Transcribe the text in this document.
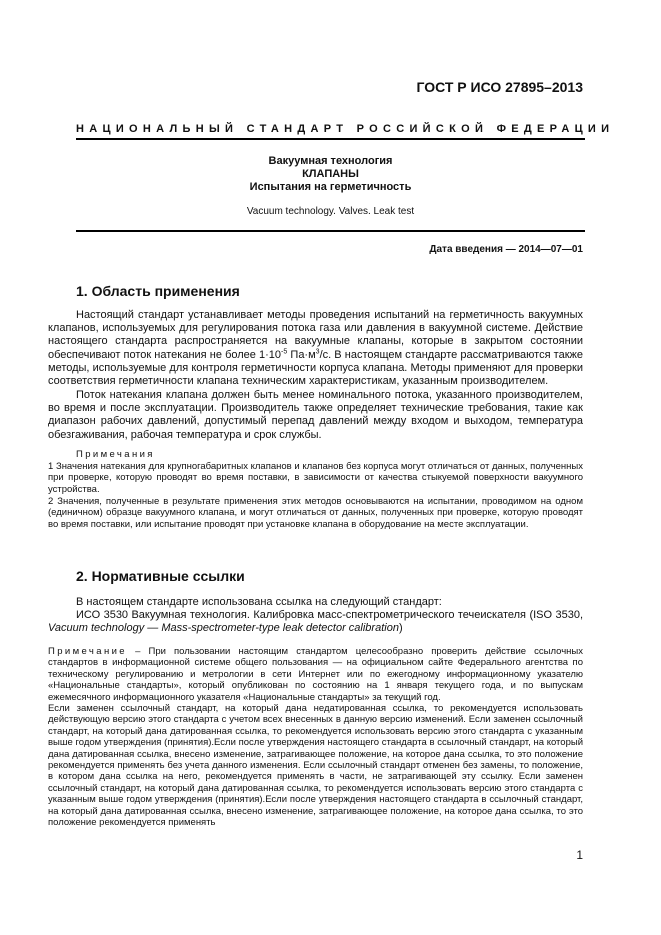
ГОСТ Р ИСО 27895–2013
НАЦИОНАЛЬНЫЙ СТАНДАРТ РОССИЙСКОЙ ФЕДЕРАЦИИ
Вакуумная технология
КЛАПАНЫ
Испытания на герметичность
Vacuum technology. Valves. Leak test
Дата введения — 2014—07—01
1. Область применения

Настоящий стандарт устанавливает методы проведения испытаний на герметичность вакуумных клапанов, используемых для регулирования потока газа или давления в вакуумной системе. Действие настоящего стандарта распространяется на вакуумные клапаны, которые в закрытом состоянии обеспечивают поток натекания не более $1\cdot 10^{-5}$ $Па\cdot м^3/с$. В настоящем стандарте рассматриваются также методы, используемые для контроля герметичности корпуса клапана. Методы применяют для проверки соответствия герметичности клапана техническим характеристикам, указанным производителем.

Поток натекания клапана должен быть менее номинального потока, указанного производителем, во время и после эксплуатации. Производитель также определяет технические требования, такие как диапазон рабочих давлений, допустимый перепад давлений между входом и выходом, температура обезгаживания, рабочая температура и срок службы.

Примечания

1 Значения натекания для крупногабаритных клапанов и клапанов без корпуса могут отличаться от данных, полученных при проверке, которую проводят во время поставки, в зависимости от качества стыкуемой поверхности вакуумного устройства.

2 Значения, полученные в результате применения этих методов основываются на испытании, проводимом на одном (единичном) образце вакуумного клапана, и могут отличаться от данных, полученных при проверке, которую проводят во время поставки, или испытание проводят при установке клапана в оборудование на месте эксплуатации.

2. Нормативные ссылки

В настоящем стандарте использована ссылка на следующий стандарт:

ИСО 3530 Вакуумная технология. Калибровка масс-спектрометрического течеискателя (ISO 3530, Vacuum technology — Mass-spectrometer-type leak detector calibration)

Примечание – При пользовании настоящим стандартом целесообразно проверить действие ссылочных стандартов в информационной системе общего пользования — на официальном сайте Федерального агентства по техническому регулированию и метрологии в сети Интернет или по ежегодному информационному указателю «Национальные стандарты», который опубликован по состоянию на 1 января текущего года, и по выпускам ежемесячного информационного указателя «Национальные стандарты» за текущий год.

Если заменен ссылочный стандарт, на который дана недатированная ссылка, то рекомендуется использовать действующую версию этого стандарта с учетом всех внесенных в данную версию изменений. Если заменен ссылочный стандарт, на который дана датированная ссылка, то рекомендуется использовать версию этого стандарта с указанным выше годом утверждения (принятия).Если после утверждения настоящего стандарта в ссылочный стандарт, на который дана датированная ссылка, внесено изменение, затрагивающее положение, на которое дана ссылка, то это положение рекомендуется применять без учета данного изменения. Если ссылочный стандарт отменен без замены, то положение, в котором дана ссылка на него, рекомендуется применять в части, не затрагивающей эту ссылку. Если заменен ссылочный стандарт, на который дана датированная ссылка, то рекомендуется использовать версию этого стандарта с указанным выше годом утверждения (принятия).Если после утверждения настоящего стандарта в ссылочный стандарт, на который дана датированная ссылка, внесено изменение, затрагивающее положение, на которое дана ссылка, то это положение рекомендуется применять

1
